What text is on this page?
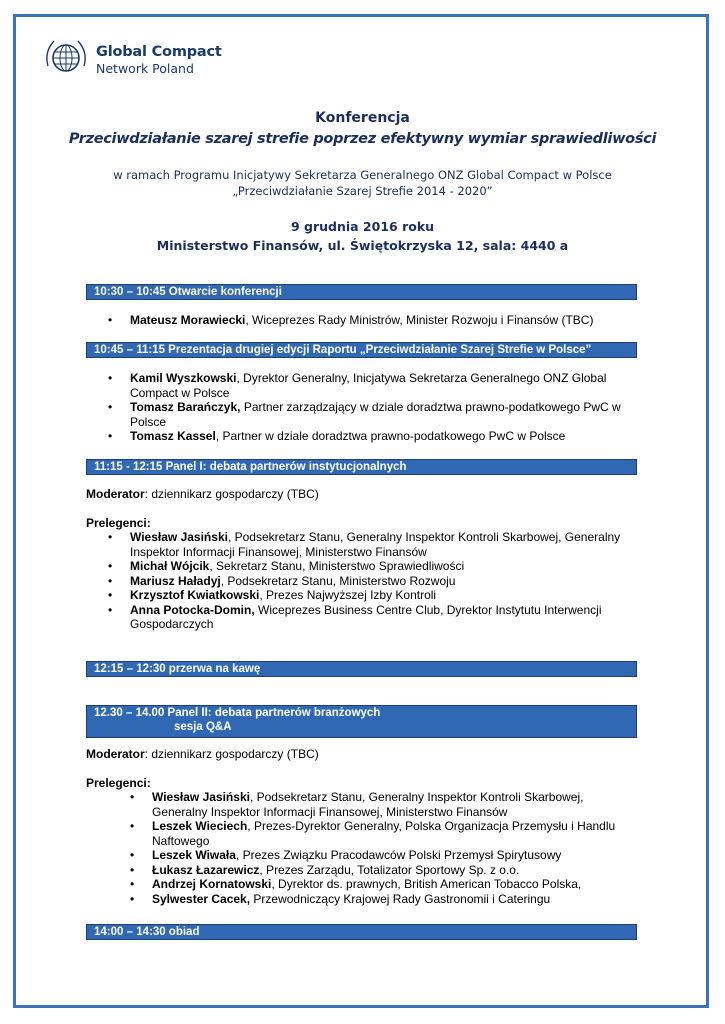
Global Compact
Network Poland
Konferencja
Przeciwdziałanie szarej strefie poprzez efektywny wymiar sprawiedliwości
w ramach Programu Inicjatywy Sekretarza Generalnego ONZ Global Compact w Polsce
„Przeciwdziałanie Szarej Strefie 2014 - 2020”
9 grudnia 2016 roku
Ministerstwo Finansów, ul. Świętokrzyska 12, sala: 4440 a
10:30 – 10:45 Otwarcie konferencji
• Mateusz Morawiecki, Wiceprezes Rady Ministrów, Minister Rozwoju i Finansów (TBC)
10:45 – 11:15 Prezentacja drugiej edycji Raportu „Przeciwdziałanie Szarej Strefie w Polsce”
• Kamil Wyszkowski, Dyrektor Generalny, Inicjatywa Sekretarza Generalnego ONZ Global Compact w Polsce
• Tomasz Barańczyk, Partner zarządzający w dziale doradztwa prawno-podatkowego PwC w Polsce
• Tomasz Kassel, Partner w dziale doradztwa prawno-podatkowego PwC w Polsce
11:15 - 12:15 Panel I: debata partnerów instytucjonalnych
Moderator: dziennikarz gospodarczy (TBC)
Prelegenci:
• Wiesław Jasiński, Podsekretarz Stanu, Generalny Inspektor Kontroli Skarbowej, Generalny Inspektor Informacji Finansowej, Ministerstwo Finansów
• Michał Wójcik, Sekretarz Stanu, Ministerstwo Sprawiedliwości
• Mariusz Haładyj, Podsekretarz Stanu, Ministerstwo Rozwoju
• Krzysztof Kwiatkowski, Prezes Najwyższej Izby Kontroli
• Anna Potocka-Domin, Wiceprezes Business Centre Club, Dyrektor Instytutu Interwencji Gospodarczych
12:15 – 12:30 przerwa na kawę
12.30 – 14.00 Panel II: debata partnerów branżowych
sesja Q&A
Moderator: dziennikarz gospodarczy (TBC)
Prelegenci:
• Wiesław Jasiński, Podsekretarz Stanu, Generalny Inspektor Kontroli Skarbowej, Generalny Inspektor Informacji Finansowej, Ministerstwo Finansów
• Leszek Wieciech, Prezes-Dyrektor Generalny, Polska Organizacja Przemysłu i Handlu Naftowego
• Leszek Wiwała, Prezes Związku Pracodawców Polski Przemysł Spirytusowy
• Łukasz Łazarewicz, Prezes Zarządu, Totalizator Sportowy Sp. z o.o.
• Andrzej Kornatowski, Dyrektor ds. prawnych, British American Tobacco Polska,
• Sylwester Cacek, Przewodniczący Krajowej Rady Gastronomii i Cateringu
14:00 – 14:30 obiad
